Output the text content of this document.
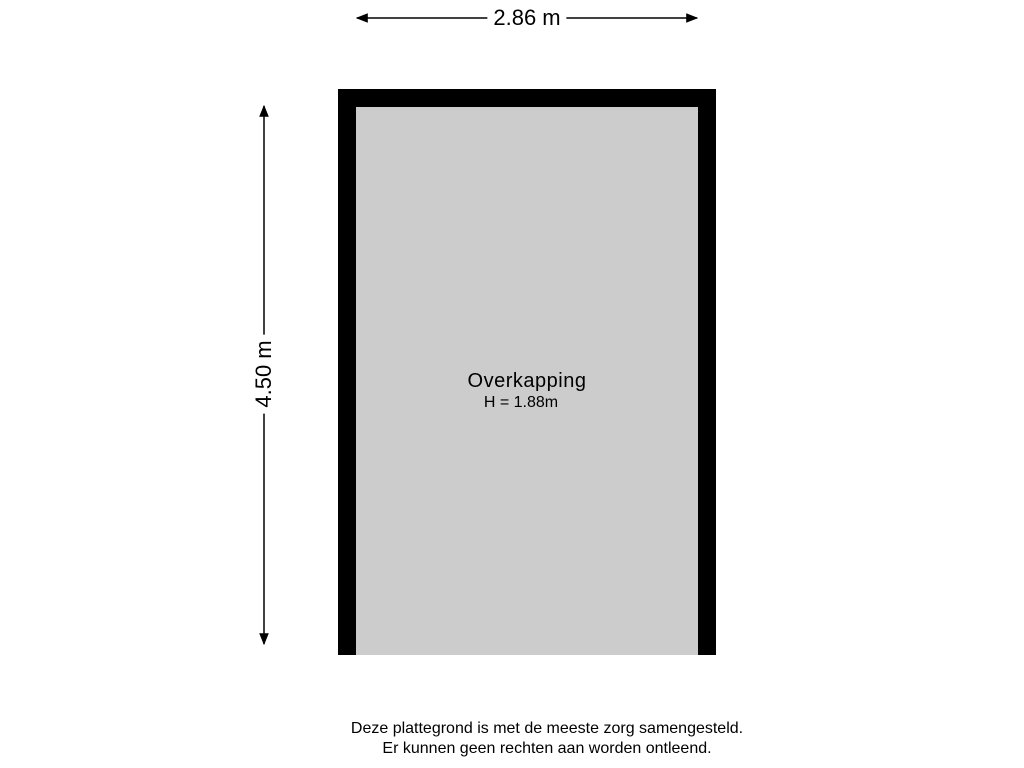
2.86 m
4.50 m	Overkapping
H = 1.88m
Deze plattegrond is met de meeste zorg samengesteld.
Er kunnen geen rechten aan worden ontleend.
